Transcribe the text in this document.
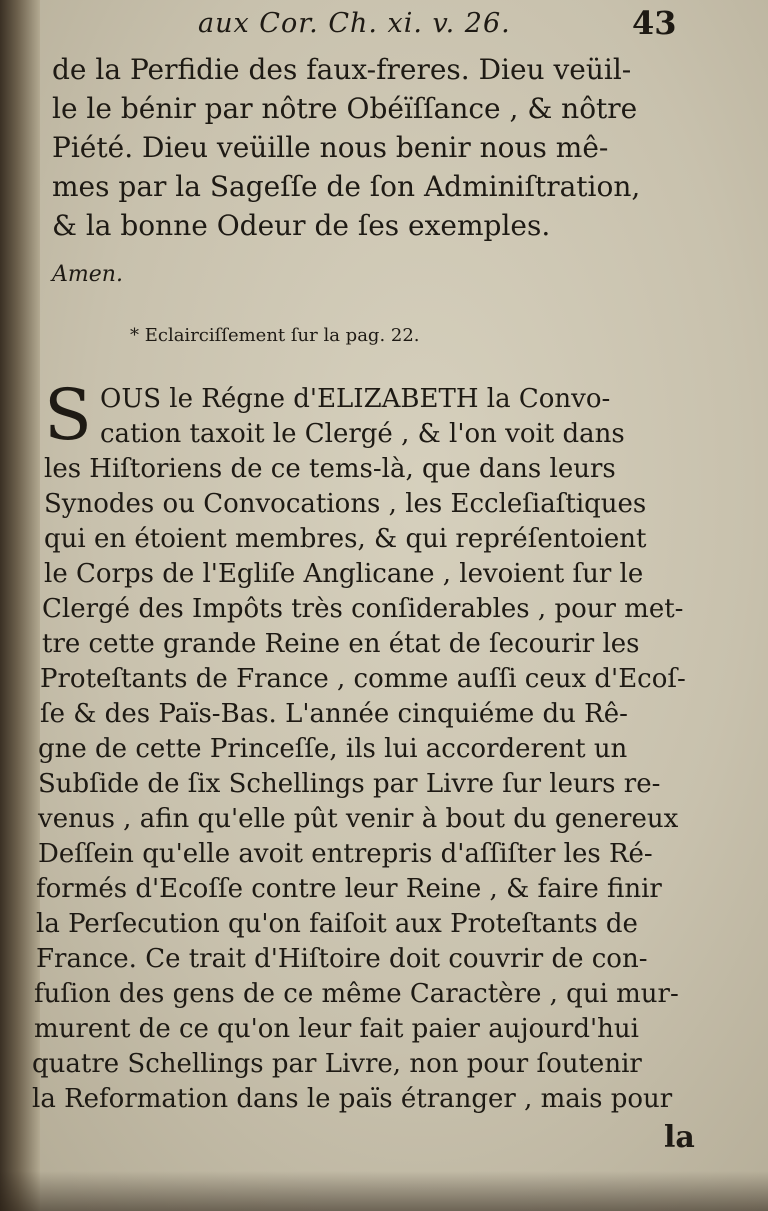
aux Cor. Ch. xi. v. 26.	43
de la Perfidie des faux-freres. Dieu veüil-
le le bénir par nôtre Obéïſſance , & nôtre
Piété. Dieu veüille nous benir nous mê-
mes par la Sageſſe de ſon Adminiſtration,
& la bonne Odeur de ſes exemples.
Amen.
* Eclairciſſement ſur la pag. 22.
S OUS le Régne d'ELIZABETH la Convo-
cation taxoit le Clergé , & l'on voit dans
les Hiſtoriens de ce tems-là, que dans leurs
Synodes ou Convocations , les Eccleſiaſtiques
qui en étoient membres, & qui repréſentoient
le Corps de l'Egliſe Anglicane , levoient ſur le
Clergé des Impôts très conſiderables , pour met-
tre cette grande Reine en état de ſecourir les
Proteſtants de France , comme auſſi ceux d'Ecoſ-
ſe & des Païs-Bas. L'année cinquiéme du Rê-
gne de cette Princeſſe, ils lui accorderent un
Subſide de ſix Schellings par Livre ſur leurs re-
venus , afin qu'elle pût venir à bout du genereux
Deſſein qu'elle avoit entrepris d'aſſiſter les Ré-
formés d'Ecoſſe contre leur Reine , & faire finir
la Perſecution qu'on faiſoit aux Proteſtants de
France. Ce trait d'Hiſtoire doit couvrir de con-
fuſion des gens de ce même Caractère , qui mur-
murent de ce qu'on leur fait paier aujourd'hui
quatre Schellings par Livre, non pour ſoutenir
la Reformation dans le païs étranger , mais pour
la
